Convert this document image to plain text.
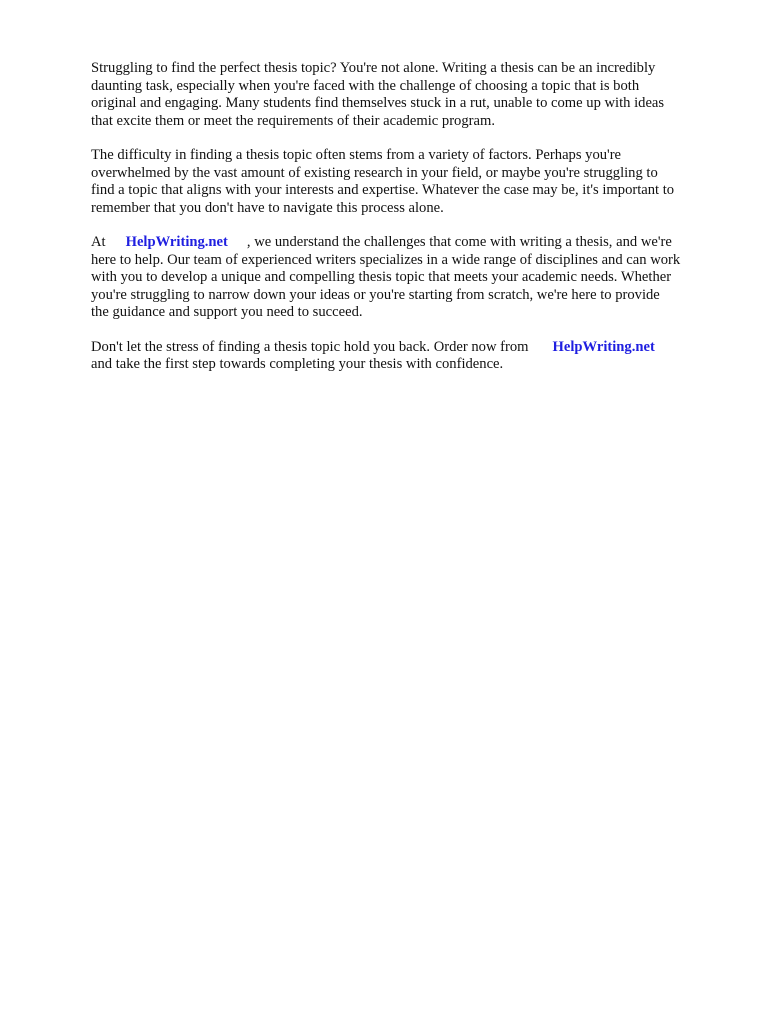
Struggling to find the perfect thesis topic? You're not alone. Writing a thesis can be an incredibly
daunting task, especially when you're faced with the challenge of choosing a topic that is both
original and engaging. Many students find themselves stuck in a rut, unable to come up with ideas
that excite them or meet the requirements of their academic program.

The difficulty in finding a thesis topic often stems from a variety of factors. Perhaps you're
overwhelmed by the vast amount of existing research in your field, or maybe you're struggling to
find a topic that aligns with your interests and expertise. Whatever the case may be, it's important to
remember that you don't have to navigate this process alone.

At HelpWriting.net , we understand the challenges that come with writing a thesis, and we're
here to help. Our team of experienced writers specializes in a wide range of disciplines and can work
with you to develop a unique and compelling thesis topic that meets your academic needs. Whether
you're struggling to narrow down your ideas or you're starting from scratch, we're here to provide
the guidance and support you need to succeed.

Don't let the stress of finding a thesis topic hold you back. Order now from HelpWriting.net
and take the first step towards completing your thesis with confidence.
